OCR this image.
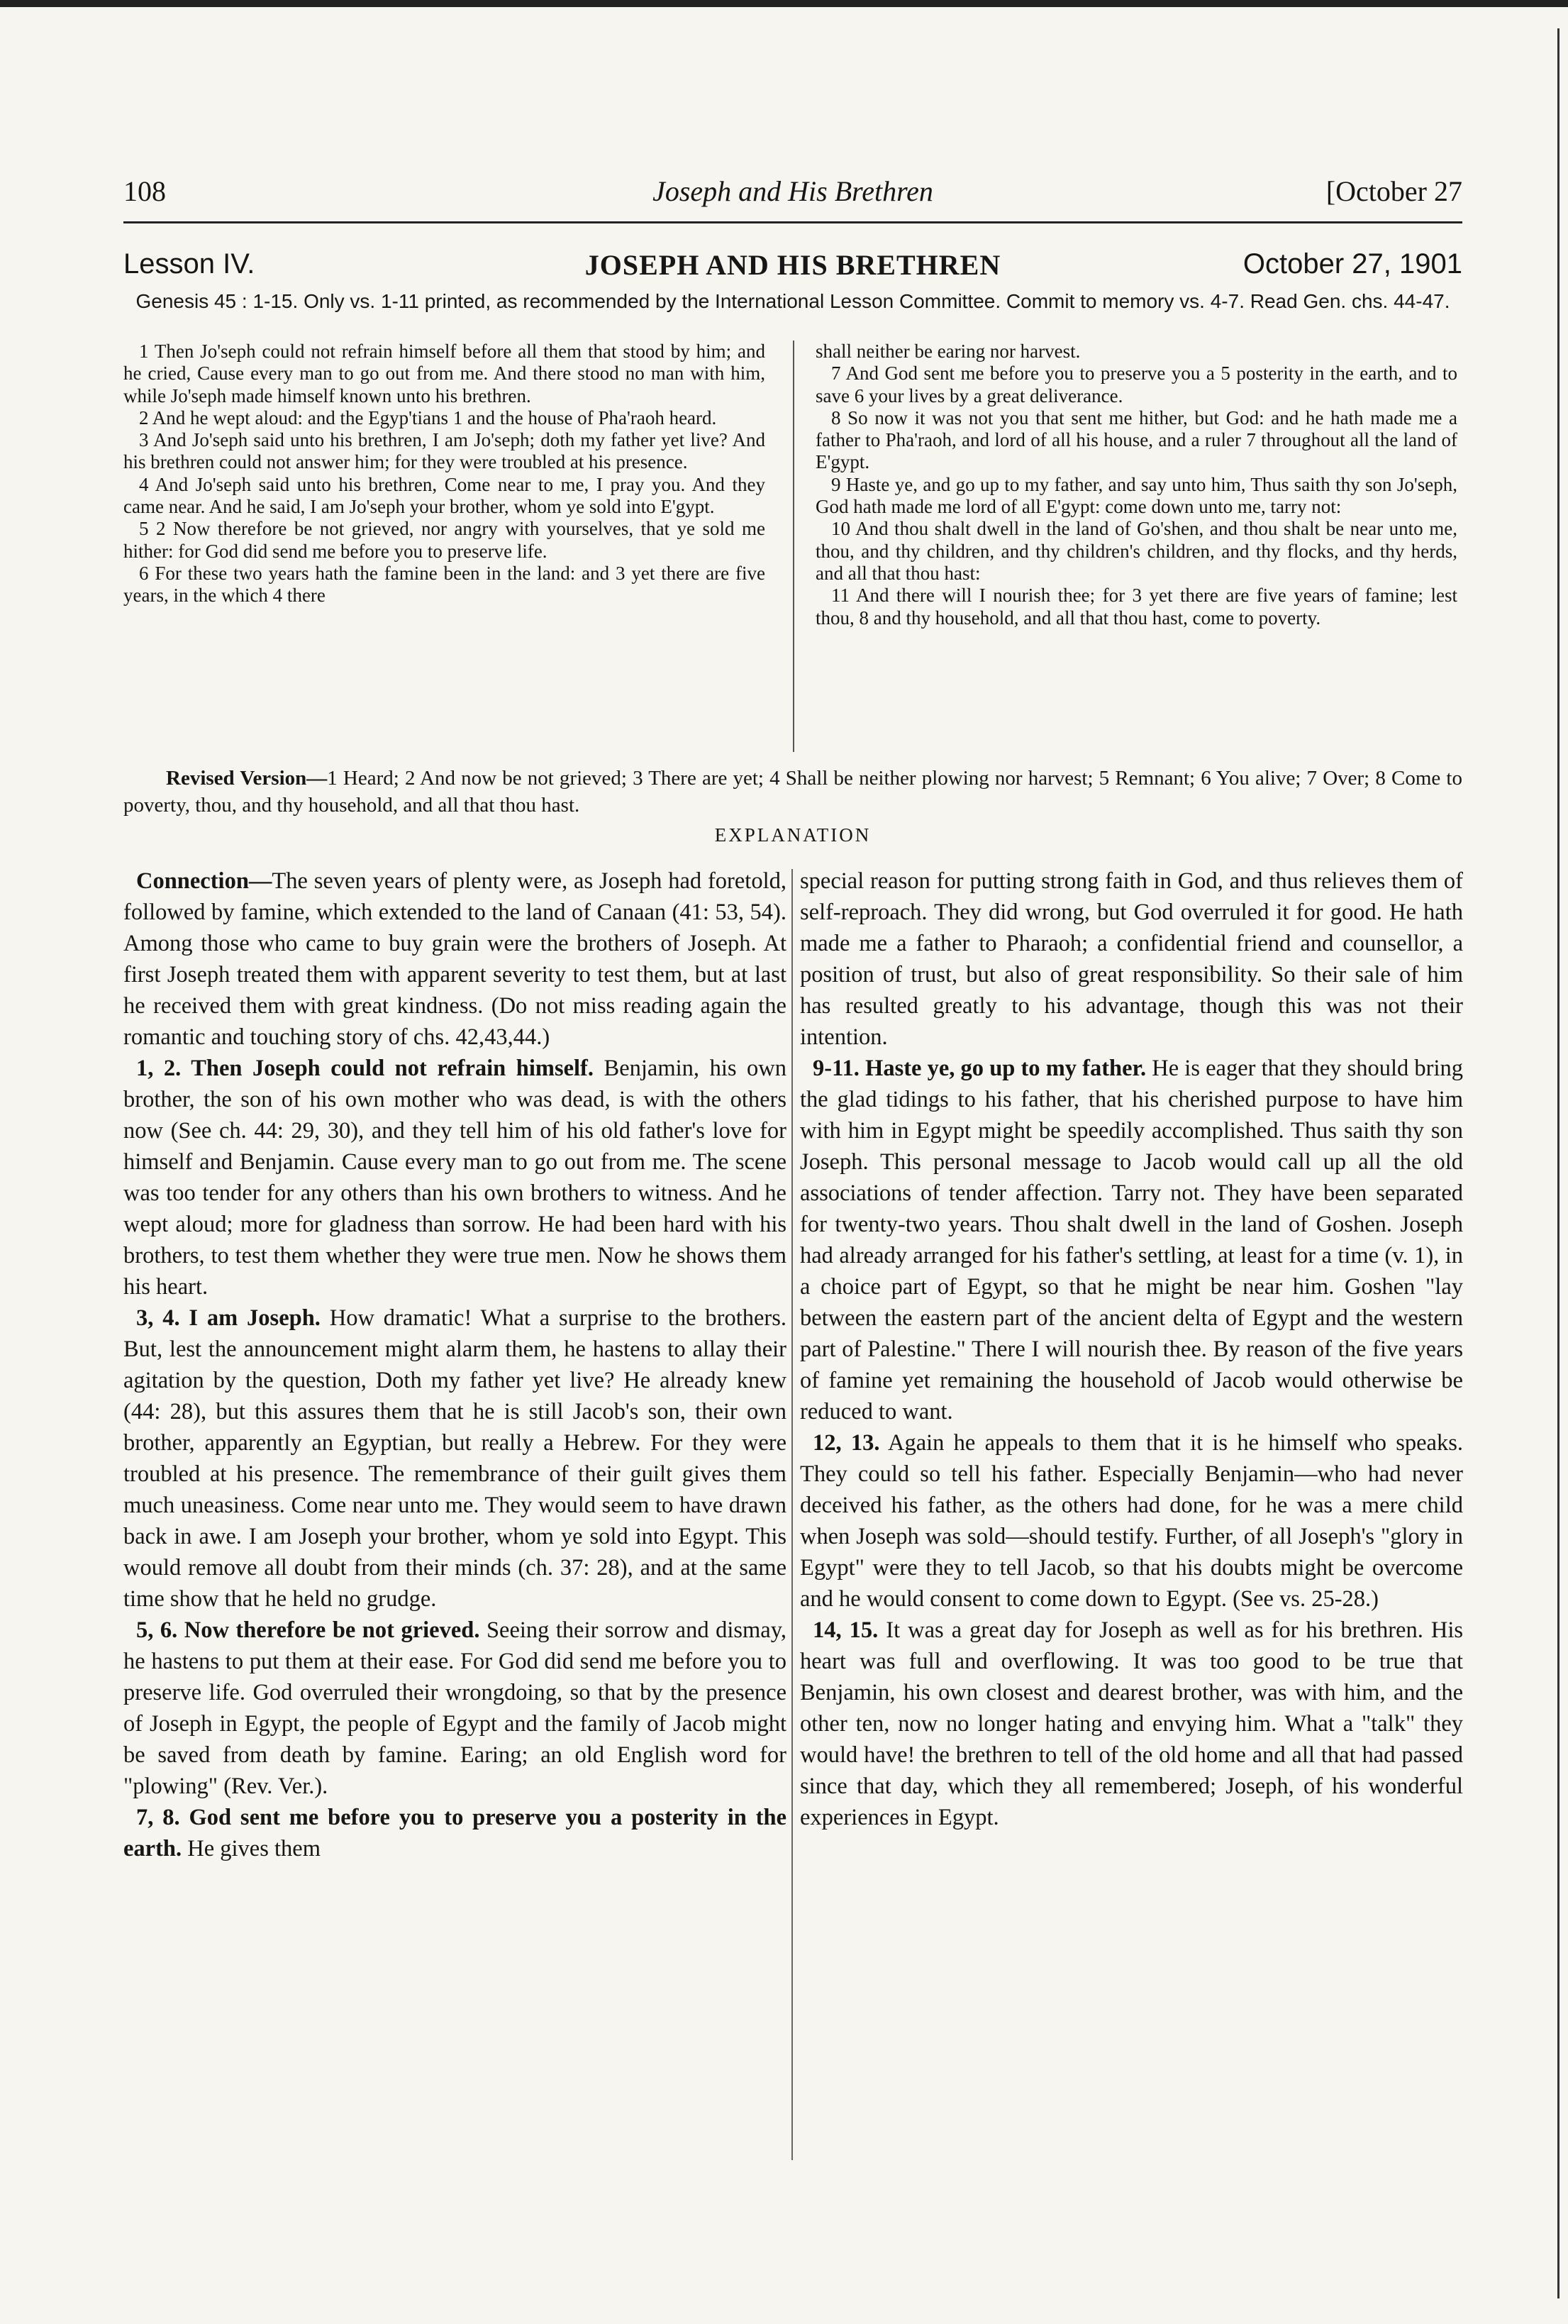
108	Joseph and His Brethren	[October 27
Lesson IV.	JOSEPH AND HIS BRETHREN	October 27, 1901
Genesis 45 : 1-15. Only vs. 1-11 printed, as recommended by the International Lesson Committee. Commit to memory vs. 4-7. Read Gen. chs. 44-47.

1 Then Jo'seph could not refrain himself before all them that stood by him; and he cried, Cause every man to go out from me. And there stood no man with him, while Jo'seph made himself known unto his brethren.

2 And he wept aloud: and the Egyp'tians 1 and the house of Pha'raoh heard.

3 And Jo'seph said unto his brethren, I am Jo'seph; doth my father yet live? And his brethren could not answer him; for they were troubled at his presence.

4 And Jo'seph said unto his brethren, Come near to me, I pray you. And they came near. And he said, I am Jo'seph your brother, whom ye sold into E'gypt.

5 2 Now therefore be not grieved, nor angry with yourselves, that ye sold me hither: for God did send me before you to preserve life.

6 For these two years hath the famine been in the land: and 3 yet there are five years, in the which 4 there

shall neither be earing nor harvest.

7 And God sent me before you to preserve you a 5 posterity in the earth, and to save 6 your lives by a great deliverance.

8 So now it was not you that sent me hither, but God: and he hath made me a father to Pha'raoh, and lord of all his house, and a ruler 7 throughout all the land of E'gypt.

9 Haste ye, and go up to my father, and say unto him, Thus saith thy son Jo'seph, God hath made me lord of all E'gypt: come down unto me, tarry not:

10 And thou shalt dwell in the land of Go'shen, and thou shalt be near unto me, thou, and thy children, and thy children's children, and thy flocks, and thy herds, and all that thou hast:

11 And there will I nourish thee; for 3 yet there are five years of famine; lest thou, 8 and thy household, and all that thou hast, come to poverty.

Revised Version—1 Heard; 2 And now be not grieved; 3 There are yet; 4 Shall be neither plowing nor harvest; 5 Remnant; 6 You alive; 7 Over; 8 Come to poverty, thou, and thy household, and all that thou hast.
EXPLANATION

Connection—The seven years of plenty were, as Joseph had foretold, followed by famine, which extended to the land of Canaan (41: 53, 54). Among those who came to buy grain were the brothers of Joseph. At first Joseph treated them with apparent severity to test them, but at last he received them with great kindness. (Do not miss reading again the romantic and touching story of chs. 42,43,44.)

1, 2. Then Joseph could not refrain himself. Benjamin, his own brother, the son of his own mother who was dead, is with the others now (See ch. 44: 29, 30), and they tell him of his old father's love for himself and Benjamin. Cause every man to go out from me. The scene was too tender for any others than his own brothers to witness. And he wept aloud; more for gladness than sorrow. He had been hard with his brothers, to test them whether they were true men. Now he shows them his heart.

3, 4. I am Joseph. How dramatic! What a surprise to the brothers. But, lest the announcement might alarm them, he hastens to allay their agitation by the question, Doth my father yet live? He already knew (44: 28), but this assures them that he is still Jacob's son, their own brother, apparently an Egyptian, but really a Hebrew. For they were troubled at his presence. The remembrance of their guilt gives them much uneasiness. Come near unto me. They would seem to have drawn back in awe. I am Joseph your brother, whom ye sold into Egypt. This would remove all doubt from their minds (ch. 37: 28), and at the same time show that he held no grudge.

5, 6. Now therefore be not grieved. Seeing their sorrow and dismay, he hastens to put them at their ease. For God did send me before you to preserve life. God overruled their wrongdoing, so that by the presence of Joseph in Egypt, the people of Egypt and the family of Jacob might be saved from death by famine. Earing; an old English word for "plowing" (Rev. Ver.).

7, 8. God sent me before you to preserve you a posterity in the earth. He gives them

special reason for putting strong faith in God, and thus relieves them of self-reproach. They did wrong, but God overruled it for good. He hath made me a father to Pharaoh; a confidential friend and counsellor, a position of trust, but also of great responsibility. So their sale of him has resulted greatly to his advantage, though this was not their intention.

9-11. Haste ye, go up to my father. He is eager that they should bring the glad tidings to his father, that his cherished purpose to have him with him in Egypt might be speedily accomplished. Thus saith thy son Joseph. This personal message to Jacob would call up all the old associations of tender affection. Tarry not. They have been separated for twenty-two years. Thou shalt dwell in the land of Goshen. Joseph had already arranged for his father's settling, at least for a time (v. 1), in a choice part of Egypt, so that he might be near him. Goshen "lay between the eastern part of the ancient delta of Egypt and the western part of Palestine." There I will nourish thee. By reason of the five years of famine yet remaining the household of Jacob would otherwise be reduced to want.

12, 13. Again he appeals to them that it is he himself who speaks. They could so tell his father. Especially Benjamin—who had never deceived his father, as the others had done, for he was a mere child when Joseph was sold—should testify. Further, of all Joseph's "glory in Egypt" were they to tell Jacob, so that his doubts might be overcome and he would consent to come down to Egypt. (See vs. 25-28.)

14, 15. It was a great day for Joseph as well as for his brethren. His heart was full and overflowing. It was too good to be true that Benjamin, his own closest and dearest brother, was with him, and the other ten, now no longer hating and envying him. What a "talk" they would have! the brethren to tell of the old home and all that had passed since that day, which they all remembered; Joseph, of his wonderful experiences in Egypt.
